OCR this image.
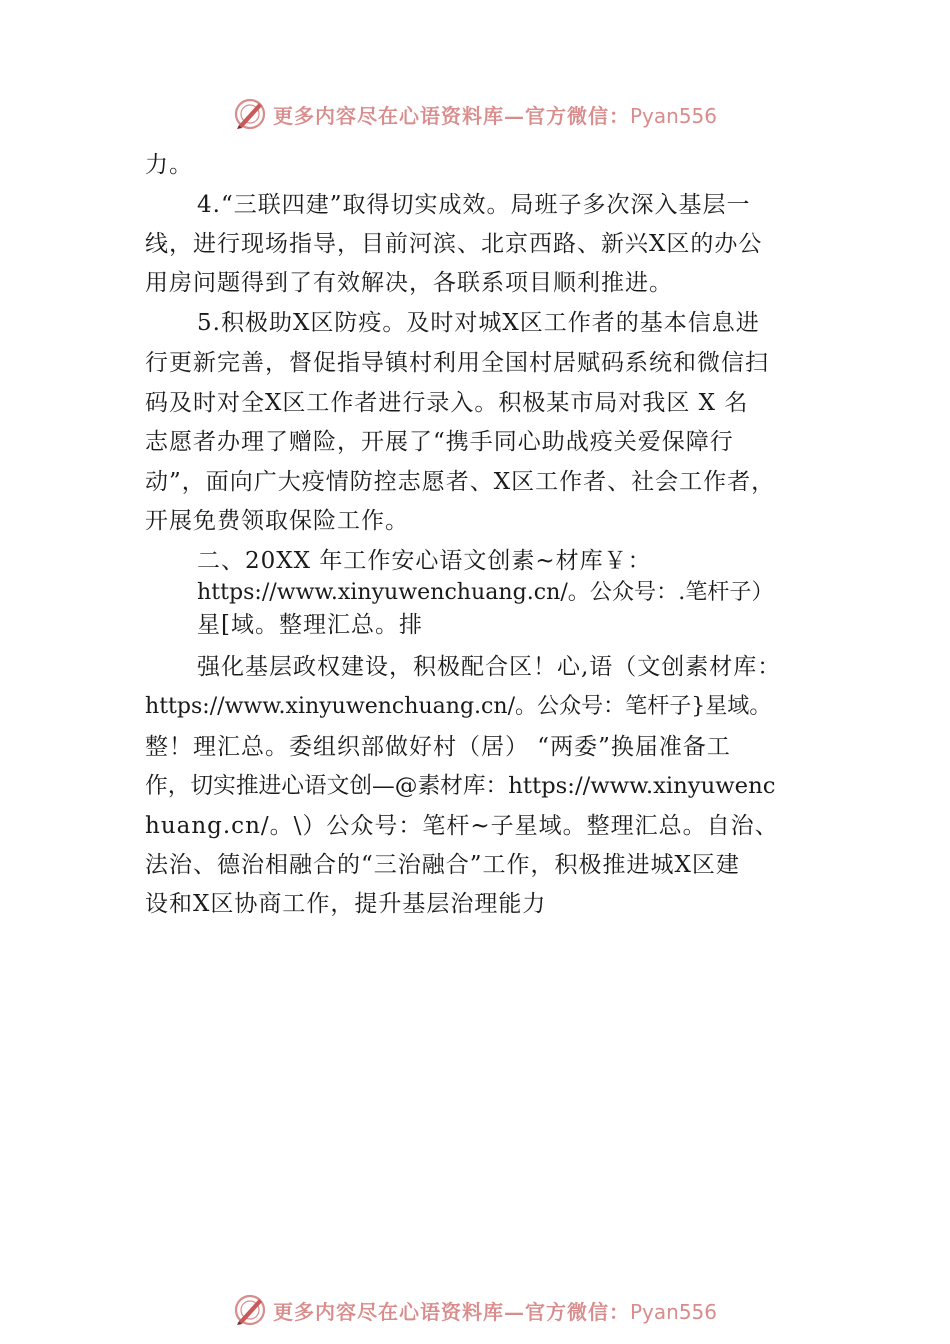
更多内容尽在心语资料库—官方微信：Pyan556
力。
4.“三联四建”取得切实成效。局班子多次深入基层一
线，进行现场指导，目前河滨、北京西路、新兴X区的办公
用房问题得到了有效解决，各联系项目顺利推进。
5.积极助X区防疫。及时对城X区工作者的基本信息进
行更新完善，督促指导镇村利用全国村居赋码系统和微信扫
码及时对全X区工作者进行录入。积极某市局对我区 X 名
志愿者办理了赠险，开展了“携手同心助战疫关爱保障行
动”，面向广大疫情防控志愿者、X区工作者、社会工作者，
开展免费领取保险工作。
二、20XX 年工作安心语文创素~材库￥：
https://www.xinyuwenchuang.cn/。公众号：.笔杆子）
星[域。整理汇总。排
强化基层政权建设，积极配合区！心,语（文创素材库：
https://www.xinyuwenchuang.cn/。公众号：笔杆子}星域。
整！理汇总。委组织部做好村（居） “两委”换届准备工
作，切实推进心语文创—@素材库：https://www.xinyuwenc
huang.cn/。\）公众号：笔杆~子星域。整理汇总。自治、
法治、德治相融合的“三治融合”工作，积极推进城X区建
设和X区协商工作，提升基层治理能力
更多内容尽在心语资料库—官方微信：Pyan556
